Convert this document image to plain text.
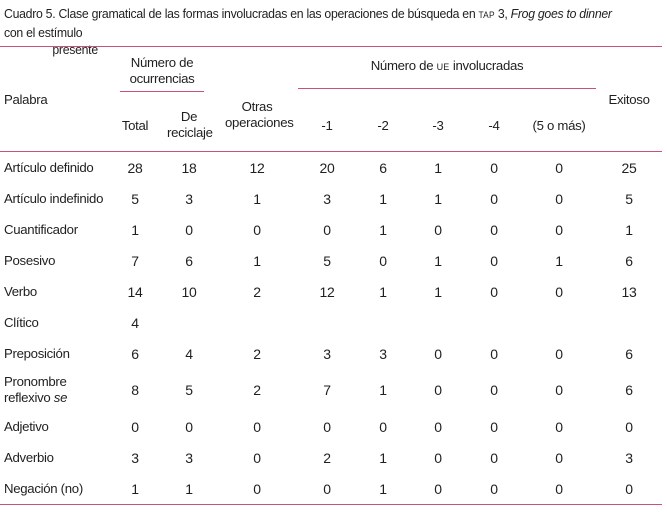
Cuadro 5. Clase gramatical de las formas involucradas en las operaciones de búsqueda en TAP 3, Frog goes to dinner con el estímulo
presente
Palabra	Número de ocurrencias		Otras operaciones	Número de UE involucradas					Exitoso
	Total	De reciclaje		-1	-2	-3	-4	(5 o más)	
Artículo definido	28	18	12	20	6	1	0	0	25
Artículo indefinido	5	3	1	3	1	1	0	0	5
Cuantificador	1	0	0	0	1	0	0	0	1
Posesivo	7	6	1	5	0	1	0	1	6
Verbo	14	10	2	12	1	1	0	0	13
Clítico	4								
Preposición	6	4	2	3	3	0	0	0	6
Pronombre
reflexivo se	8	5	2	7	1	0	0	0	6
Adjetivo	0	0	0	0	0	0	0	0	0
Adverbio	3	3	0	2	1	0	0	0	3
Negación (no)	1	1	0	0	1	0	0	0	0
